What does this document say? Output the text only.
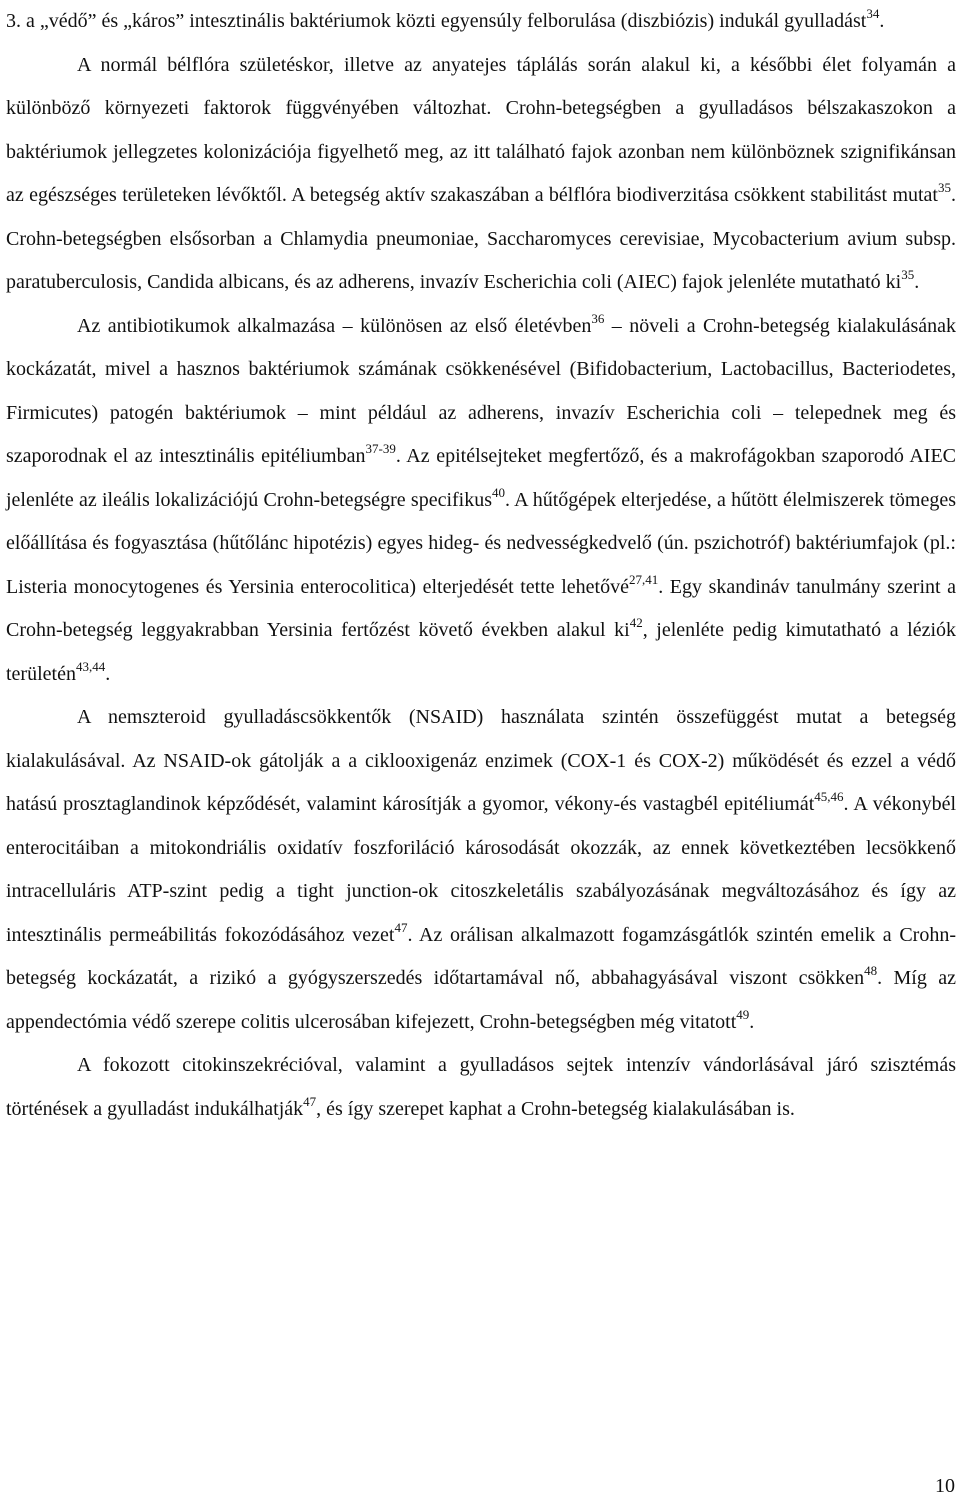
3. a „védő” és „káros” intesztinális baktériumok közti egyensúly felborulása (diszbiózis) indukál gyulladást$^{34}$.

A normál bélflóra születéskor, illetve az anyatejes táplálás során alakul ki, a későbbi élet folyamán a különböző környezeti faktorok függvényében változhat. Crohn-betegségben a gyulladásos bélszakaszokon a baktériumok jellegzetes kolonizációja figyelhető meg, az itt található fajok azonban nem különböznek szignifikánsan az egészséges területeken lévőktől. A betegség aktív szakaszában a bélflóra biodiverzitása csökkent stabilitást mutat$^{35}$. Crohn-betegségben elsősorban a Chlamydia pneumoniae, Saccharomyces cerevisiae, Mycobacterium avium subsp. paratuberculosis, Candida albicans, és az adherens, invazív Escherichia coli (AIEC) fajok jelenléte mutatható $ki^{35}$.

Az antibiotikumok alkalmazása – különösen az első életévben$^{36}$ – növeli a Crohn-betegség kialakulásának kockázatát, mivel a hasznos baktériumok számának csökkenésével (Bifidobacterium, Lactobacillus, Bacteriodetes, Firmicutes) patogén baktériumok – mint például az adherens, invazív Escherichia coli – telepednek meg és szaporodnak el az intesztinális epitéliumban$^{37-39}$. Az epitélsejteket megfertőző, és a makrofágokban szaporodó AIEC jelenléte az ileális lokalizációjú Crohn-betegségre specifikus$^{40}$. A hűtőgépek elterjedése, a hűtött élelmiszerek tömeges előállítása és fogyasztása (hűtőlánc hipotézis) egyes hideg- és nedvességkedvelő (ún. pszichotróf) baktériumfajok (pl.: Listeria monocytogenes és Yersinia enterocolitica) elterjedését tette lehetővé$^{27,41}$. Egy skandináv tanulmány szerint a Crohn-betegség leggyakrabban Yersinia fertőzést követő években alakul $ki^{42}$, jelenléte pedig kimutatható a léziók területén$^{43,44}$.

A nemszteroid gyulladáscsökkentők (NSAID) használata szintén összefüggést mutat a betegség kialakulásával. Az NSAID-ok gátolják a a ciklooxigenáz enzimek (COX-1 és COX-2) működését és ezzel a védő hatású prosztaglandinok képződését, valamint károsítják a gyomor, vékony-és vastagbél epitéliumát$^{45,46}$. A vékonybél enterocitáiban a mitokondriális oxidatív foszforiláció károsodását okozzák, az ennek következtében lecsökkenő intracelluláris ATP-szint pedig a tight junction-ok citoszkeletális szabályozásának megváltozásához és így az intesztinális permeábilitás fokozódásához vezet$^{47}$. Az orálisan alkalmazott fogamzásgátlók szintén emelik a Crohn-betegség kockázatát, a rizikó a gyógyszerszedés időtartamával nő, abbahagyásával viszont csökken$^{48}$. Míg az appendectómia védő szerepe colitis ulcerosában kifejezett, Crohn-betegségben még vitatott$^{49}$.

A fokozott citokinszekrécióval, valamint a gyulladásos sejtek intenzív vándorlásával járó szisztémás történések a gyulladást indukálhatják$^{47}$, és így szerepet kaphat a Crohn-betegség kialakulásában is.

10
